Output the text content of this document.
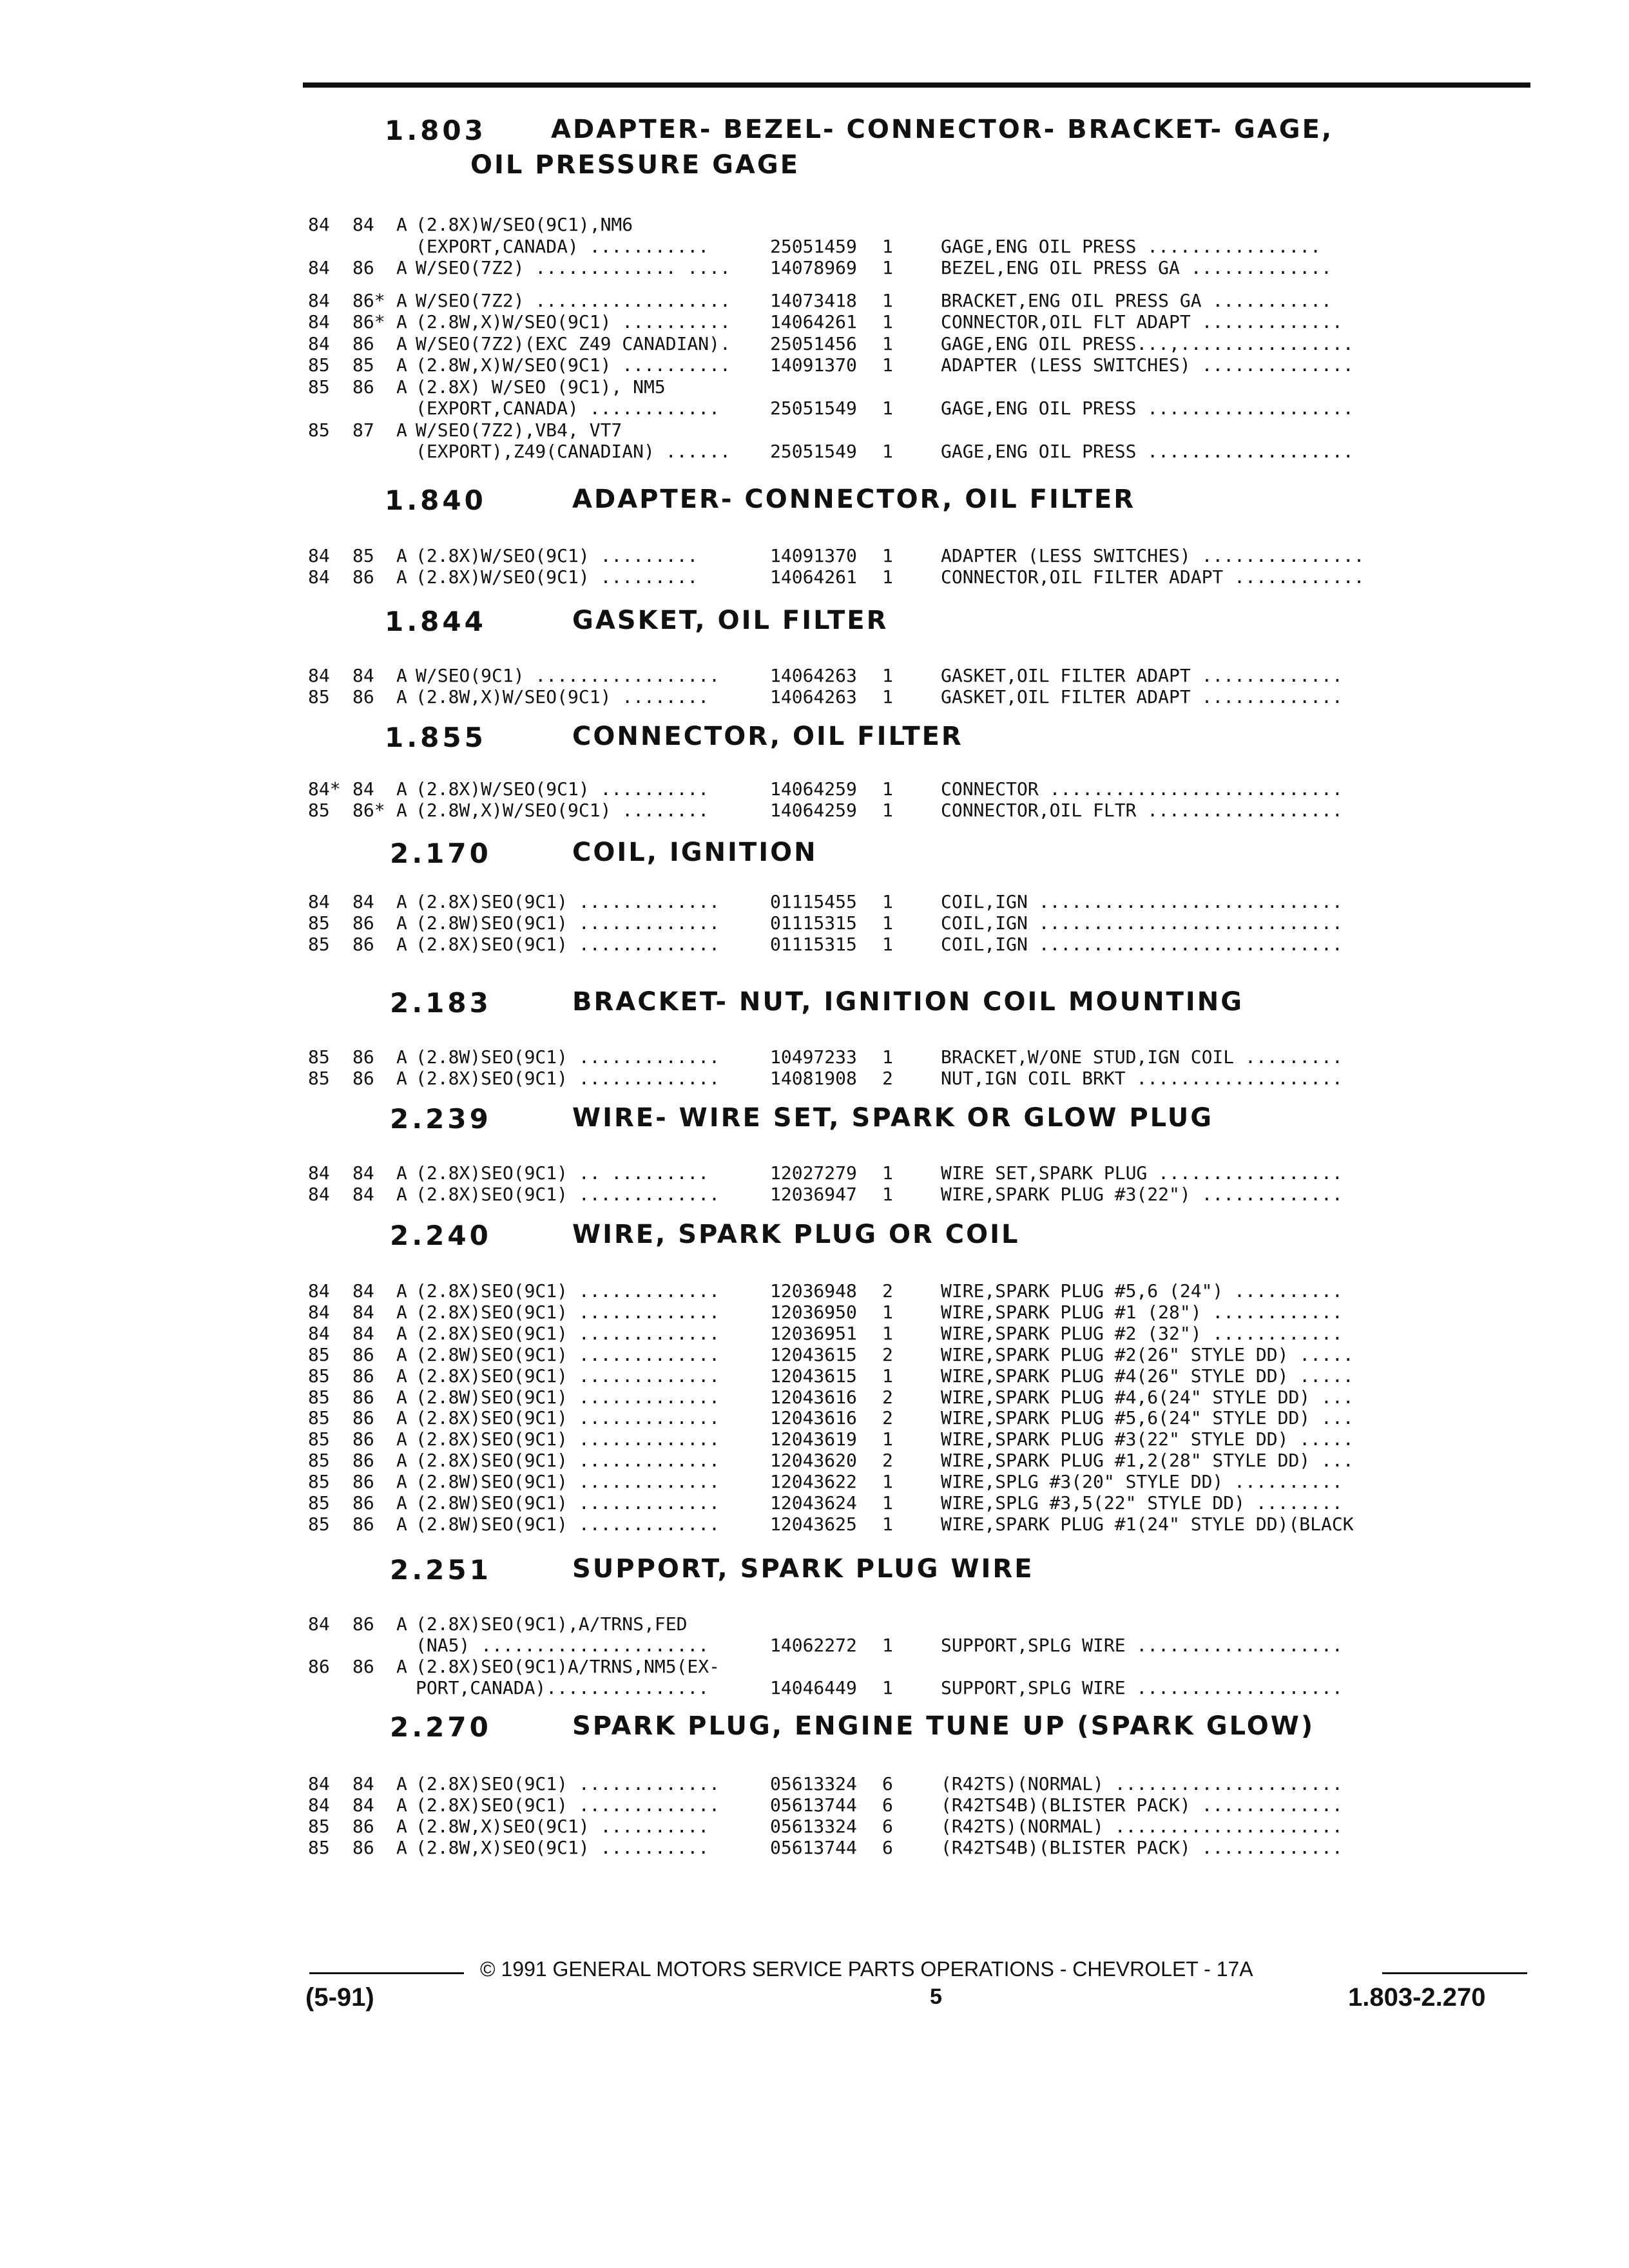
1.803	ADAPTER- BEZEL- CONNECTOR- BRACKET- GAGE,
OIL PRESSURE GAGE
84 84 A (2.8X)W/SEO(9C1),NM6
(EXPORT,CANADA) ...........	25051459 1	GAGE,ENG OIL PRESS ................
84 86 A W/SEO(7Z2) ............. ....	14078969 1	BEZEL,ENG OIL PRESS GA .............
84 86* A W/SEO(7Z2) ..................	14073418 1	BRACKET,ENG OIL PRESS GA ...........
84 86* A (2.8W,X)W/SEO(9C1) ..........	14064261 1	CONNECTOR,OIL FLT ADAPT .............
84 86 A W/SEO(7Z2)(EXC Z49 CANADIAN).	25051456 1	GAGE,ENG OIL PRESS...,................
85 85 A (2.8W,X)W/SEO(9C1) ..........	14091370 1	ADAPTER (LESS SWITCHES) ..............
85 86 A (2.8X) W/SEO (9C1), NM5
(EXPORT,CANADA) ............	25051549 1	GAGE,ENG OIL PRESS ...................
85 87 A W/SEO(7Z2),VB4, VT7
(EXPORT),Z49(CANADIAN) ......	25051549 1	GAGE,ENG OIL PRESS ...................
1.840	ADAPTER- CONNECTOR, OIL FILTER
84 85 A (2.8X)W/SEO(9C1) .........	14091370 1	ADAPTER (LESS SWITCHES) ...............
84 86 A (2.8X)W/SEO(9C1) .........	14064261 1	CONNECTOR,OIL FILTER ADAPT ............
1.844	GASKET, OIL FILTER
84 84 A W/SEO(9C1) .................	14064263 1	GASKET,OIL FILTER ADAPT .............
85 86 A (2.8W,X)W/SEO(9C1) ........	14064263 1	GASKET,OIL FILTER ADAPT .............
1.855	CONNECTOR, OIL FILTER
84* 84 A (2.8X)W/SEO(9C1) ..........	14064259 1	CONNECTOR ...........................
85 86* A (2.8W,X)W/SEO(9C1) ........	14064259 1	CONNECTOR,OIL FLTR ..................
2.170	COIL, IGNITION
84 84 A (2.8X)SEO(9C1) .............	01115455 1	COIL,IGN ............................
85 86 A (2.8W)SEO(9C1) .............	01115315 1	COIL,IGN ............................
85 86 A (2.8X)SEO(9C1) .............	01115315 1	COIL,IGN ............................
2.183	BRACKET- NUT, IGNITION COIL MOUNTING
85 86 A (2.8W)SEO(9C1) .............	10497233 1	BRACKET,W/ONE STUD,IGN COIL .........
85 86 A (2.8X)SEO(9C1) .............	14081908 2	NUT,IGN COIL BRKT ...................
2.239	WIRE- WIRE SET, SPARK OR GLOW PLUG
84 84 A (2.8X)SEO(9C1) .. .........	12027279 1	WIRE SET,SPARK PLUG .................
84 84 A (2.8X)SEO(9C1) .............	12036947 1	WIRE,SPARK PLUG #3(22") .............
2.240	WIRE, SPARK PLUG OR COIL
84 84 A (2.8X)SEO(9C1) .............	12036948 2	WIRE,SPARK PLUG #5,6 (24") ..........
84 84 A (2.8X)SEO(9C1) .............	12036950 1	WIRE,SPARK PLUG #1 (28") ............
84 84 A (2.8X)SEO(9C1) .............	12036951 1	WIRE,SPARK PLUG #2 (32") ............
85 86 A (2.8W)SEO(9C1) .............	12043615 2	WIRE,SPARK PLUG #2(26" STYLE DD) .....
85 86 A (2.8X)SEO(9C1) .............	12043615 1	WIRE,SPARK PLUG #4(26" STYLE DD) .....
85 86 A (2.8W)SEO(9C1) .............	12043616 2	WIRE,SPARK PLUG #4,6(24" STYLE DD) ...
85 86 A (2.8X)SEO(9C1) .............	12043616 2	WIRE,SPARK PLUG #5,6(24" STYLE DD) ...
85 86 A (2.8X)SEO(9C1) .............	12043619 1	WIRE,SPARK PLUG #3(22" STYLE DD) .....
85 86 A (2.8X)SEO(9C1) .............	12043620 2	WIRE,SPARK PLUG #1,2(28" STYLE DD) ...
85 86 A (2.8W)SEO(9C1) .............	12043622 1	WIRE,SPLG #3(20" STYLE DD) ..........
85 86 A (2.8W)SEO(9C1) .............	12043624 1	WIRE,SPLG #3,5(22" STYLE DD) ........
85 86 A (2.8W)SEO(9C1) .............	12043625 1	WIRE,SPARK PLUG #1(24" STYLE DD)(BLACK
2.251	SUPPORT, SPARK PLUG WIRE
84 86 A (2.8X)SEO(9C1),A/TRNS,FED
(NA5) .....................	14062272 1	SUPPORT,SPLG WIRE ...................
86 86 A (2.8X)SEO(9C1)A/TRNS,NM5(EX-
PORT,CANADA)...............	14046449 1	SUPPORT,SPLG WIRE ...................
2.270	SPARK PLUG, ENGINE TUNE UP (SPARK GLOW)
84 84 A (2.8X)SEO(9C1) .............	05613324 6	(R42TS)(NORMAL) .....................
84 84 A (2.8X)SEO(9C1) .............	05613744 6	(R42TS4B)(BLISTER PACK) .............
85 86 A (2.8W,X)SEO(9C1) ..........	05613324 6	(R42TS)(NORMAL) .....................
85 86 A (2.8W,X)SEO(9C1) ..........	05613744 6	(R42TS4B)(BLISTER PACK) .............
© 1991 GENERAL MOTORS SERVICE PARTS OPERATIONS - CHEVROLET - 17A
(5-91)	5	1.803-2.270
